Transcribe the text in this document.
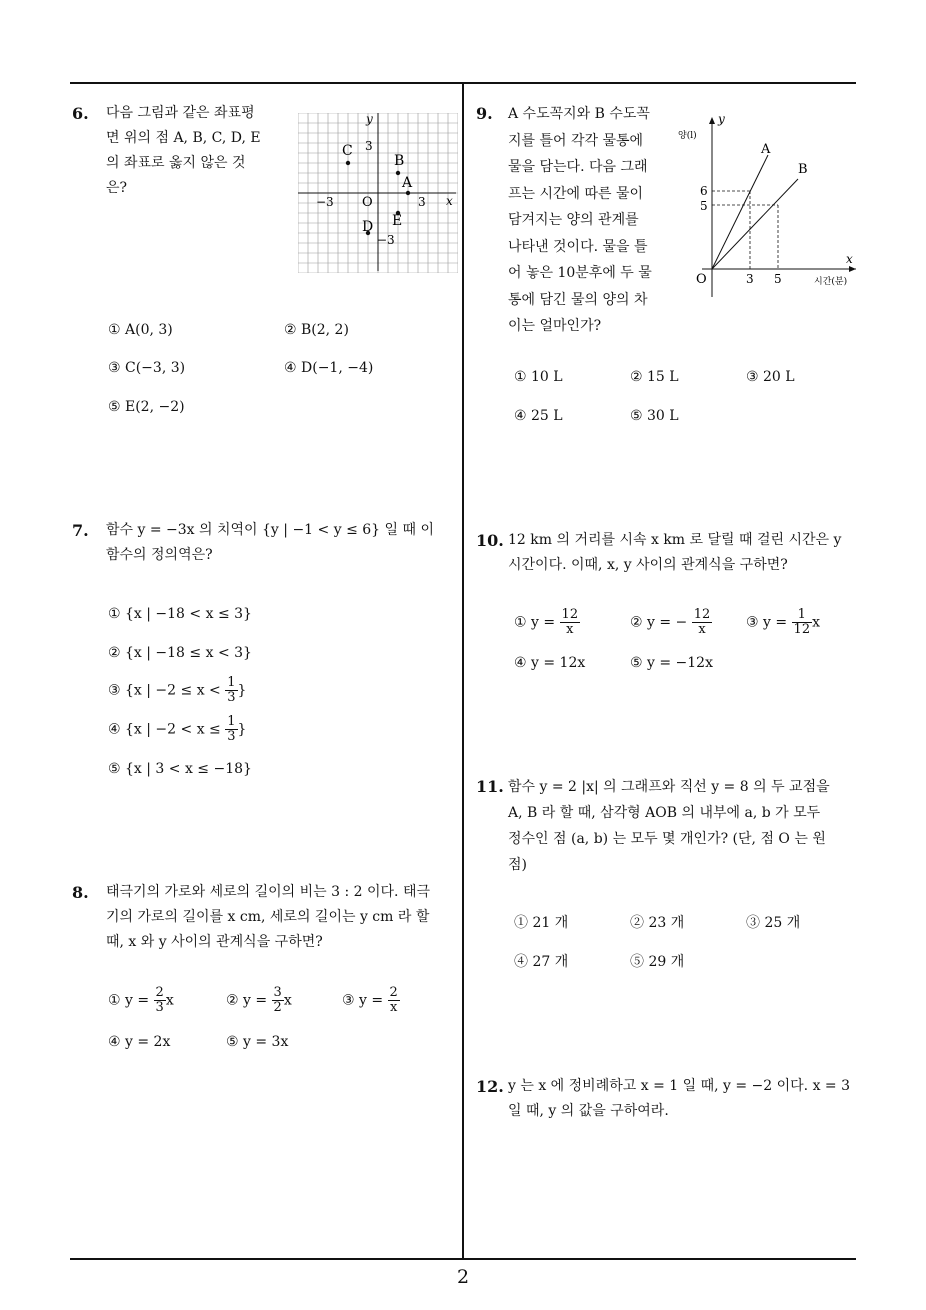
6. 다음 그림과 같은 좌표평
면 위의 점 A, B, C, D, E
의 좌표로 옳지 않은 것
은?
x
y
O
−3	3
3
−3
A
B
C
D E
① A(0, 3)	② B(2, 2)
③ C(−3, 3)	④ D(−1, −4)
⑤ E(2, −2)
7. 함수 y = −3x 의 치역이 {y | −1 < y ≤ 6} 일 때 이
함수의 정의역은?
① {x | −18 < x ≤ 3}
② {x | −18 ≤ x < 3}
③ {x | $-2 \le x < \frac{1}{3}$ }
④ {x | $-2 < x \le \frac{1}{3}$ }
⑤ {x | 3 < x ≤ −18}
8. 태극기의 가로와 세로의 길이의 비는 3 : 2 이다. 태극
기의 가로의 길이를 x cm, 세로의 길이는 y cm 라 할
때, x 와 y 사이의 관계식을 구하면?
① $y = \frac{2}{3}$ x	② $y = \frac{3}{2}$ x	③ $y = \frac{2}{x}$
④ y = 2x	⑤ y = 3x
9. A 수도꼭지와 B 수도꼭
지를 틀어 각각 물통에
물을 담는다. 다음 그래
프는 시간에 따른 물이
담겨지는 양의 관계를
나타낸 것이다. 물을 틀
어 놓은 10분후에 두 물
통에 담긴 물의 양의 차
이는 얼마인가?
y
양(l)
x
시간(분)
O
A
B
6
5
3 5
① 10 L	② 15 L	③ 20 L
④ 25 L	⑤ 30 L
10. 12 km 의 거리를 시속 x km 로 달릴 때 걸린 시간은 y
시간이다. 이때, x, y 사이의 관계식을 구하면?
① $y = \frac{12}{x}$	② y = − $\frac{12}{x}$ ③ $y = \frac{1}{12}$ x
④ y = 12x	⑤ y = −12x
11. 함수 y = 2 |x| 의 그래프와 직선 y = 8 의 두 교점을
A, B 라 할 때, 삼각형 AOB 의 내부에 a, b 가 모두
정수인 점 (a, b) 는 모두 몇 개인가? (단, 점 O 는 원
점)
① 21 개	② 23 개	③ 25 개
④ 27 개	⑤ 29 개
12. y 는 x 에 정비례하고 x = 1 일 때, y = −2 이다. x = 3
일 때, y 의 값을 구하여라.
2
